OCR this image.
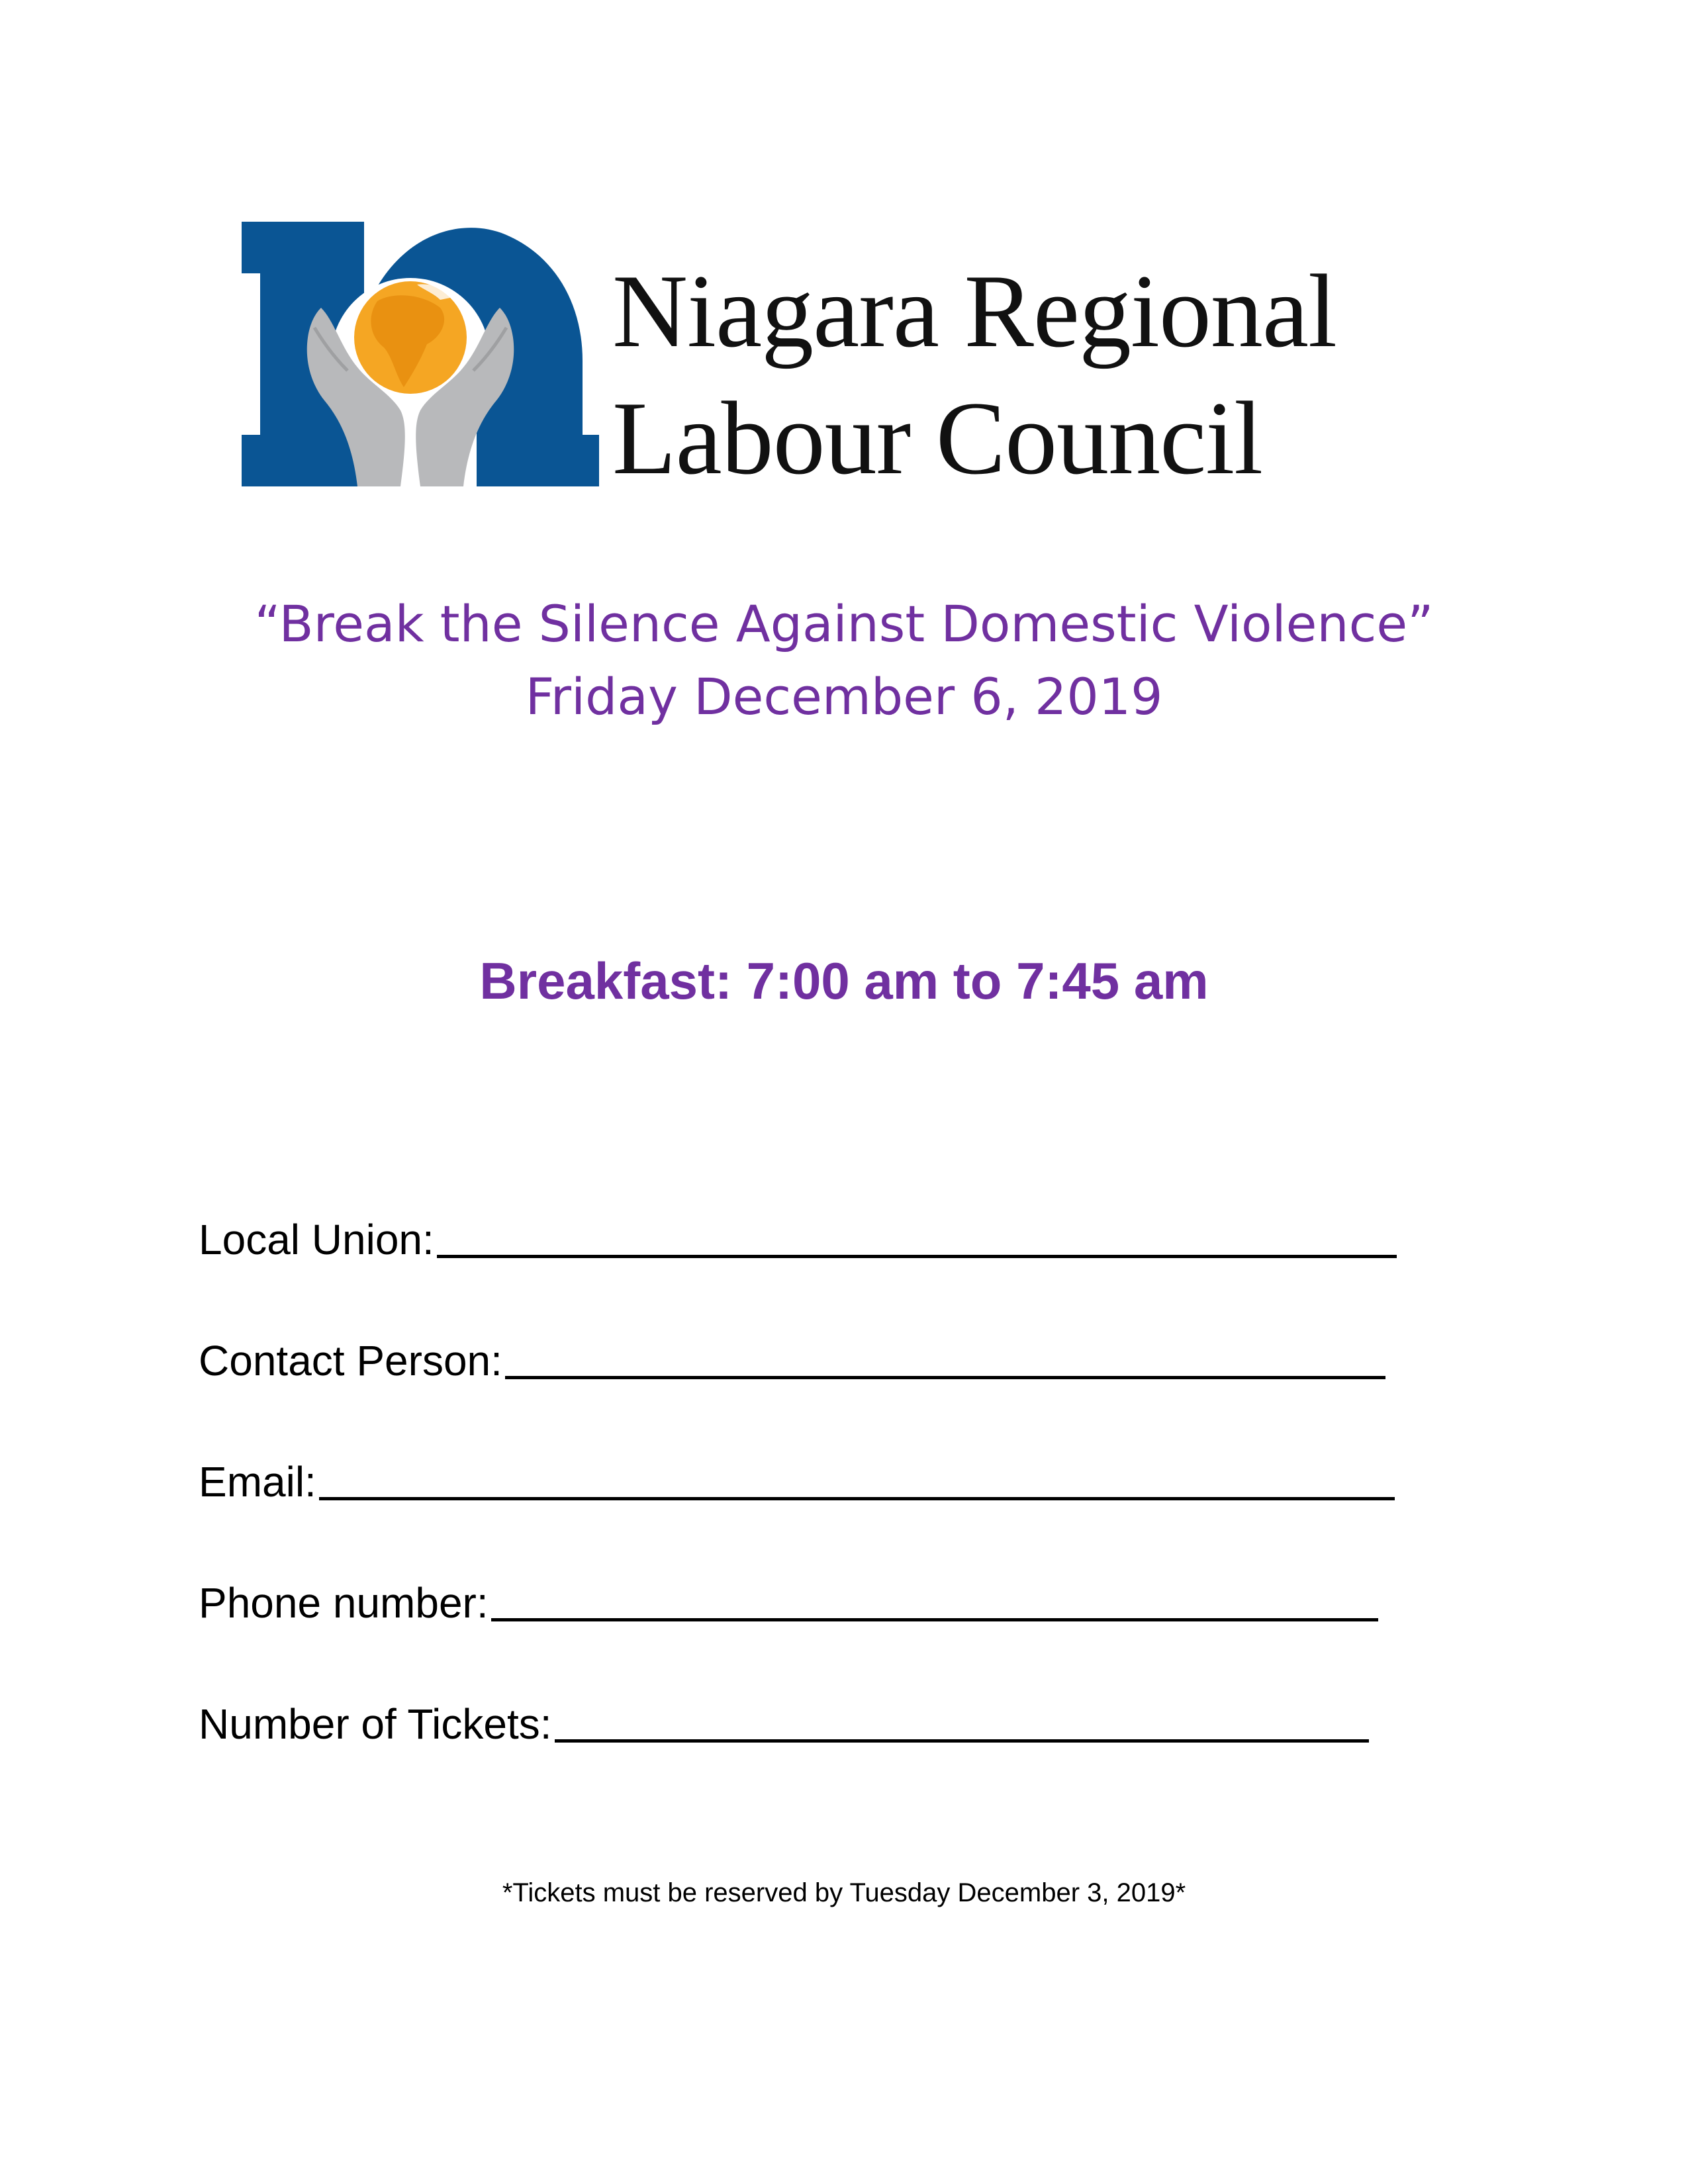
Niagara Regional
Labour Council
“Break the Silence Against Domestic Violence”
Friday December 6, 2019
Breakfast: 7:00 am to 7:45 am
Local Union:
Contact Person:
Email:
Phone number:
Number of Tickets:
*Tickets must be reserved by Tuesday December 3, 2019*
